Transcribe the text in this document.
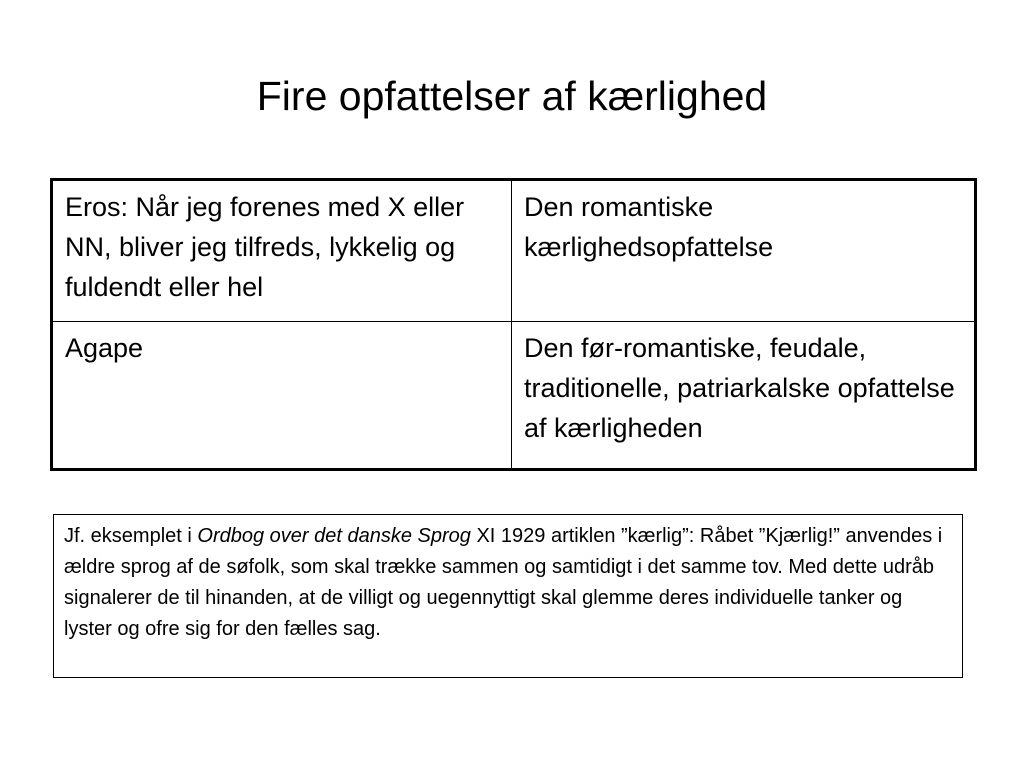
Fire opfattelser af kærlighed
Eros: Når jeg forenes med X eller NN, bliver jeg tilfreds, lykkelig og fuldendt eller hel	Den romantiske kærlighedsopfattelse
Agape	Den før-romantiske, feudale, traditionelle, patriarkalske opfattelse af kærligheden
Jf. eksemplet i Ordbog over det danske Sprog XI 1929 artiklen ”kærlig”: Råbet ”Kjærlig!” anvendes i ældre sprog af de søfolk, som skal trække sammen og samtidigt i det samme tov. Med dette udråb signalerer de til hinanden, at de villigt og uegennyttigt skal glemme deres individuelle tanker og lyster og ofre sig for den fælles sag.
